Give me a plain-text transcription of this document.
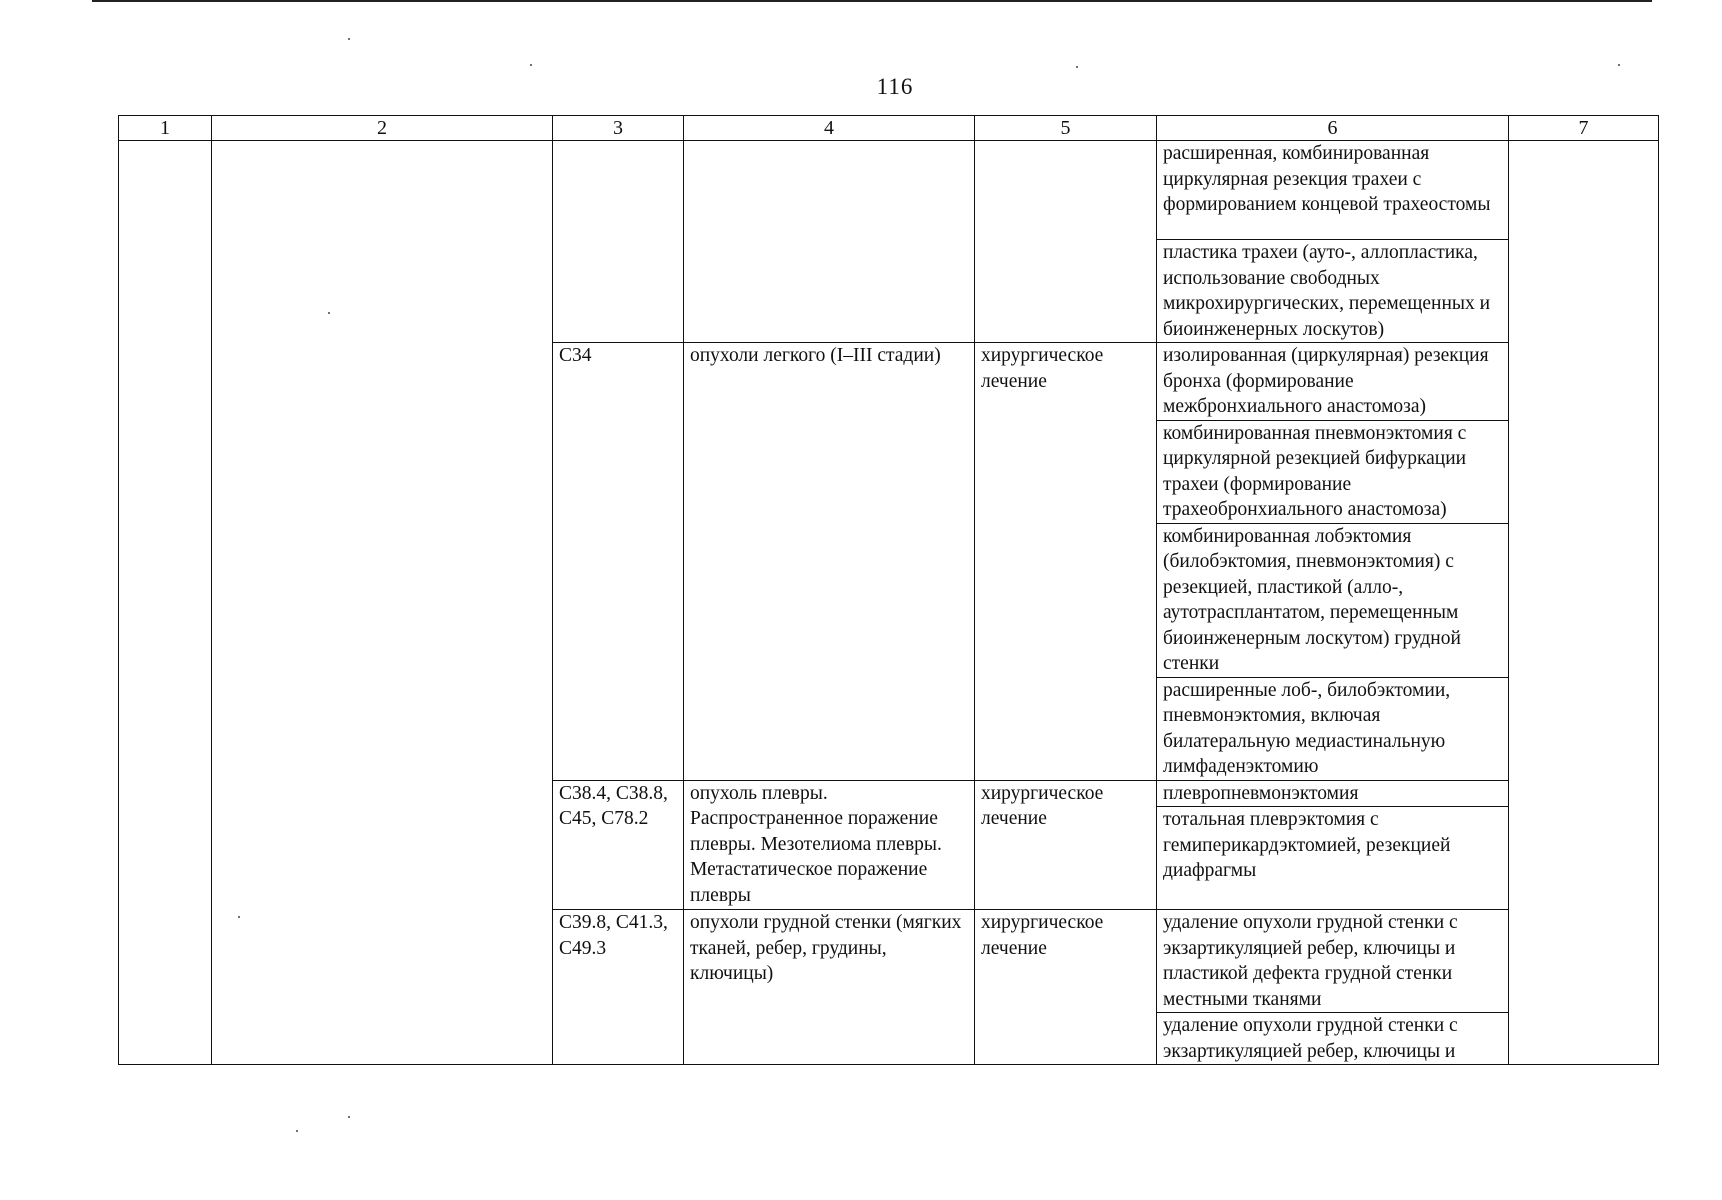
116
1	2	3	4	5	6	7
					расширенная, комбинированная циркулярная резекция трахеи с формированием концевой трахеостомы	
					пластика трахеи (ауто-, аллопластика, использование свободных микрохирургических, перемещенных и биоинженерных лоскутов)	
		С34	опухоли легкого (I–III стадии)	хирургическое лечение	изолированная (циркулярная) резекция бронха (формирование межбронхиального анастомоза)	
					комбинированная пневмонэктомия с циркулярной резекцией бифуркации трахеи (формирование трахеобронхиального анастомоза)	
					комбинированная лобэктомия (билобэктомия, пневмонэктомия) с резекцией, пластикой (алло-, аутотрасплантатом, перемещенным биоинженерным лоскутом) грудной стенки	
					расширенные лоб-, билобэктомии, пневмонэктомия, включая билатеральную медиастинальную лимфаденэктомию	
		С38.4, С38.8, С45, С78.2	опухоль плевры. Распространенное поражение плевры. Мезотелиома плевры. Метастатическое поражение плевры	хирургическое лечение	плевропневмонэктомия	
					тотальная плеврэктомия с гемиперикардэктомией, резекцией диафрагмы	
		С39.8, С41.3, С49.3	опухоли грудной стенки (мягких тканей, ребер, грудины, ключицы)	хирургическое лечение	удаление опухоли грудной стенки с экзартикуляцией ребер, ключицы и пластикой дефекта грудной стенки местными тканями	
					удаление опухоли грудной стенки с экзартикуляцией ребер, ключицы и	
